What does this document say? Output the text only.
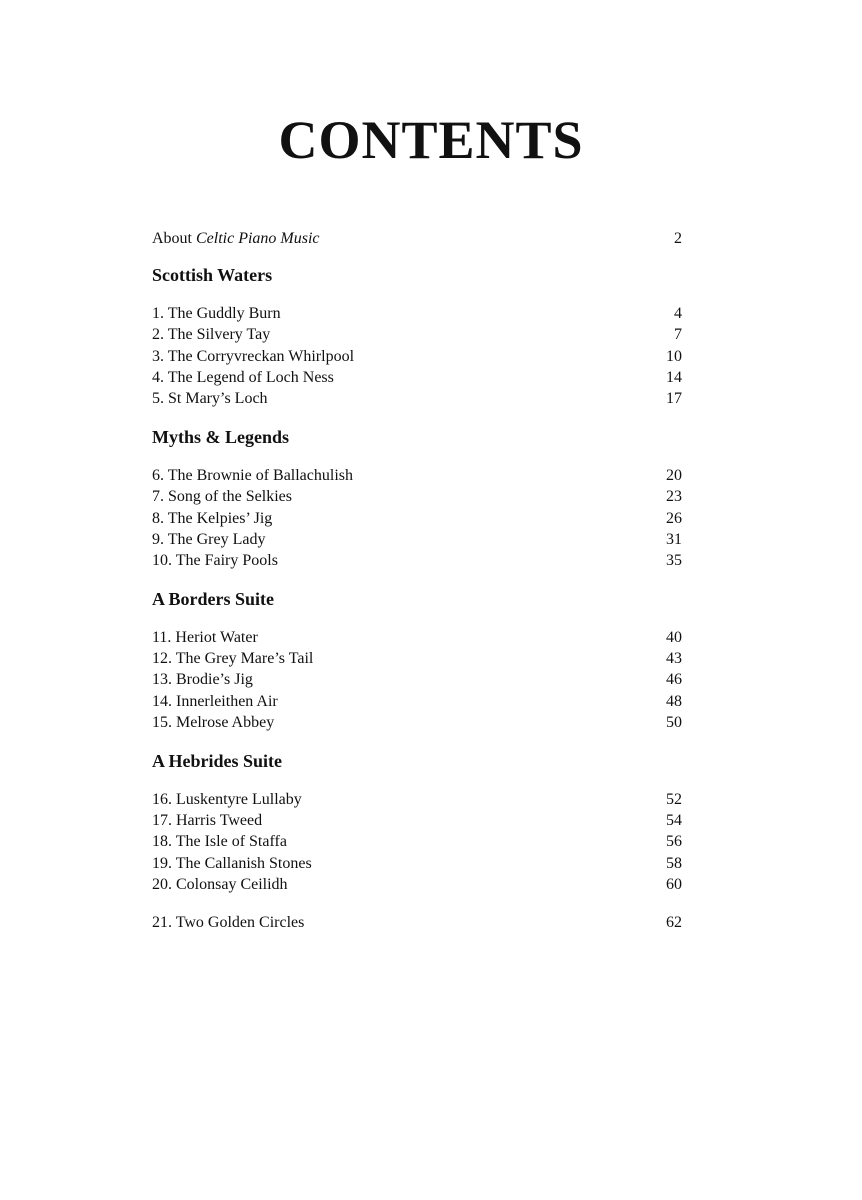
CONTENTS
About Celtic Piano Music	2
Scottish Waters
1. The Guddly Burn	4
2. The Silvery Tay	7
3. The Corryvreckan Whirlpool	10
4. The Legend of Loch Ness	14
5. St Mary’s Loch	17
Myths & Legends
6. The Brownie of Ballachulish	20
7. Song of the Selkies	23
8. The Kelpies’ Jig	26
9. The Grey Lady	31
10. The Fairy Pools	35
A Borders Suite
11. Heriot Water	40
12. The Grey Mare’s Tail	43
13. Brodie’s Jig	46
14. Innerleithen Air	48
15. Melrose Abbey	50
A Hebrides Suite
16. Luskentyre Lullaby	52
17. Harris Tweed	54
18. The Isle of Staffa	56
19. The Callanish Stones	58
20. Colonsay Ceilidh	60
21. Two Golden Circles	62
